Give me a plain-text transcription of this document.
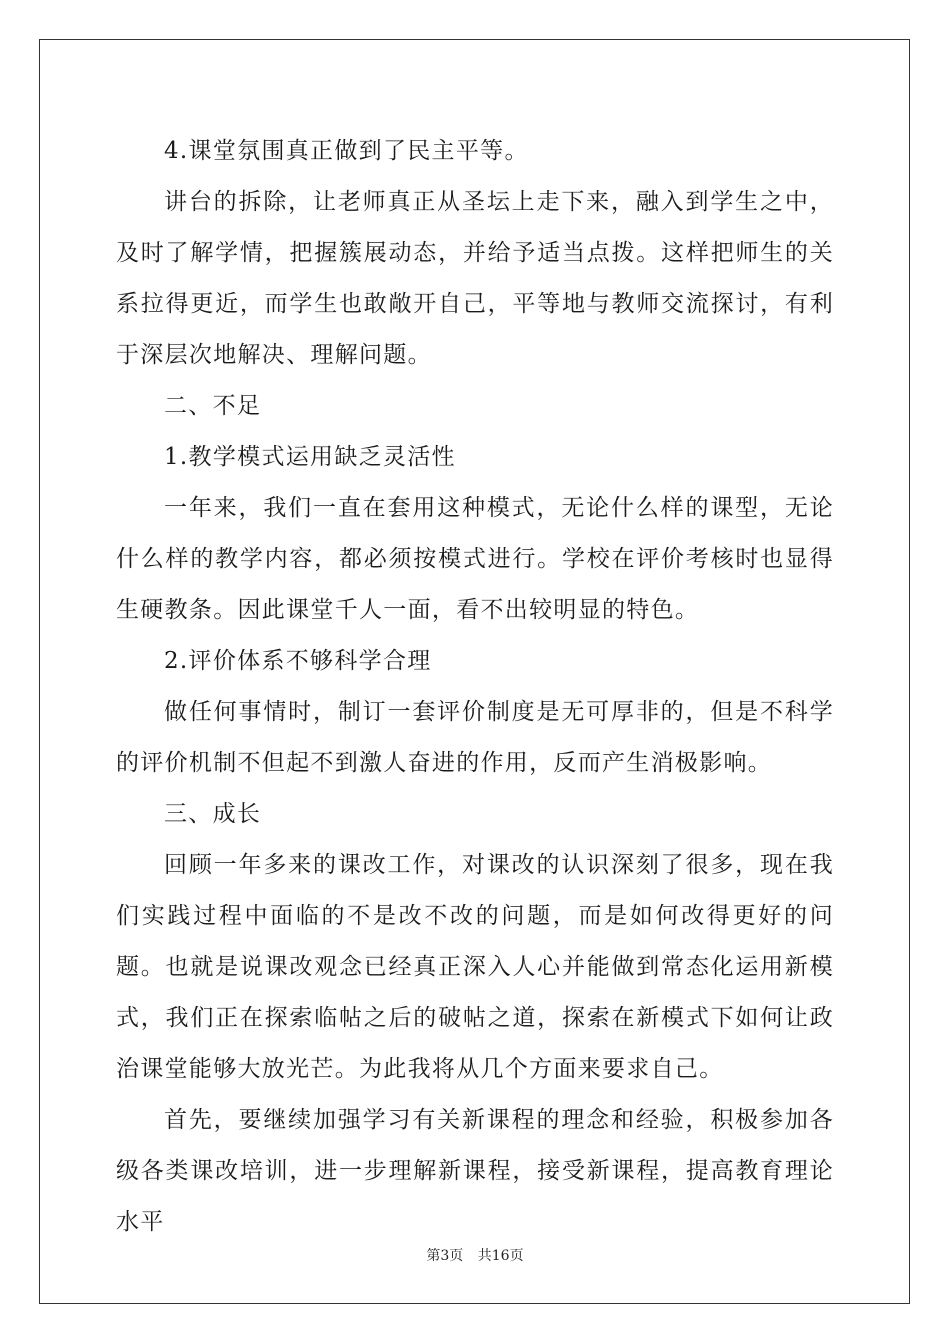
4.课堂氛围真正做到了民主平等。

讲台的拆除，让老师真正从圣坛上走下来，融入到学生之中，及时了解学情，把握簇展动态，并给予适当点拨。这样把师生的关系拉得更近，而学生也敢敞开自己，平等地与教师交流探讨，有利于深层次地解决、理解问题。

二、不足

1.教学模式运用缺乏灵活性

一年来，我们一直在套用这种模式，无论什么样的课型，无论什么样的教学内容，都必须按模式进行。学校在评价考核时也显得生硬教条。因此课堂千人一面，看不出较明显的特色。

2.评价体系不够科学合理

做任何事情时，制订一套评价制度是无可厚非的，但是不科学的评价机制不但起不到激人奋进的作用，反而产生消极影响。

三、成长

回顾一年多来的课改工作，对课改的认识深刻了很多，现在我们实践过程中面临的不是改不改的问题，而是如何改得更好的问题。也就是说课改观念已经真正深入人心并能做到常态化运用新模式，我们正在探索临帖之后的破帖之道，探索在新模式下如何让政治课堂能够大放光芒。为此我将从几个方面来要求自己。

首先，要继续加强学习有关新课程的理念和经验，积极参加各级各类课改培训，进一步理解新课程，接受新课程，提高教育理论水平

第3页 共16页
